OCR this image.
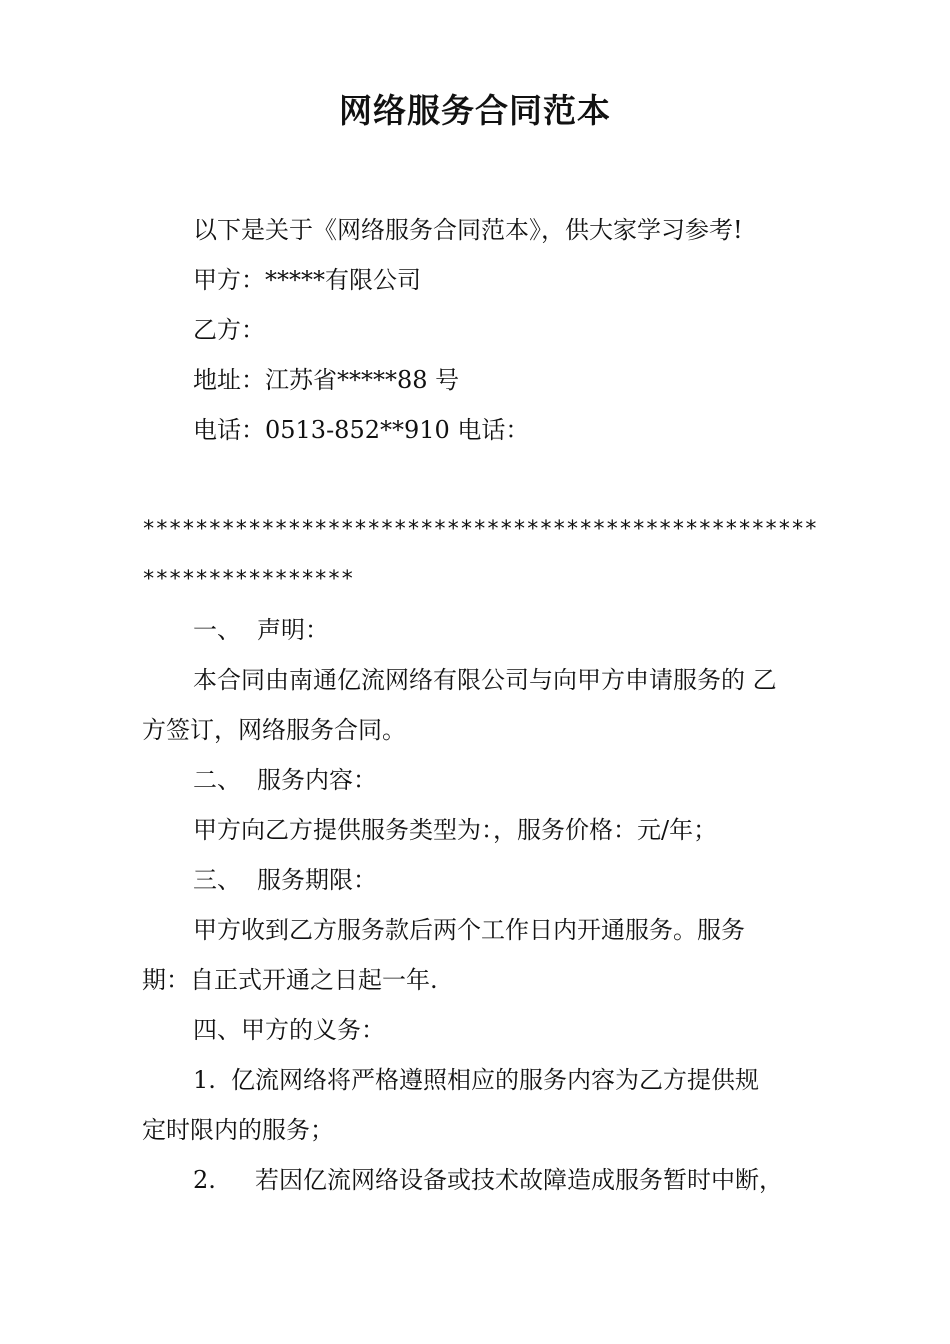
网络服务合同范本
以下是关于《网络服务合同范本》，供大家学习参考!
甲方：*****有限公司
乙方：
地址：江苏省*****88 号
电话：0513-852**910 电话：
***************************************************
****************
一、 声明：
本合同由南通亿流网络有限公司与向甲方申请服务的 乙
方签订，网络服务合同。
二、 服务内容：
甲方向乙方提供服务类型为：，服务价格：元/年；
三、 服务期限：
甲方收到乙方服务款后两个工作日内开通服务。服务
期：自正式开通之日起一年.
四、甲方的义务：
1. 亿流网络将严格遵照相应的服务内容为乙方提供规
定时限内的服务；
2. 若因亿流网络设备或技术故障造成服务暂时中断，
